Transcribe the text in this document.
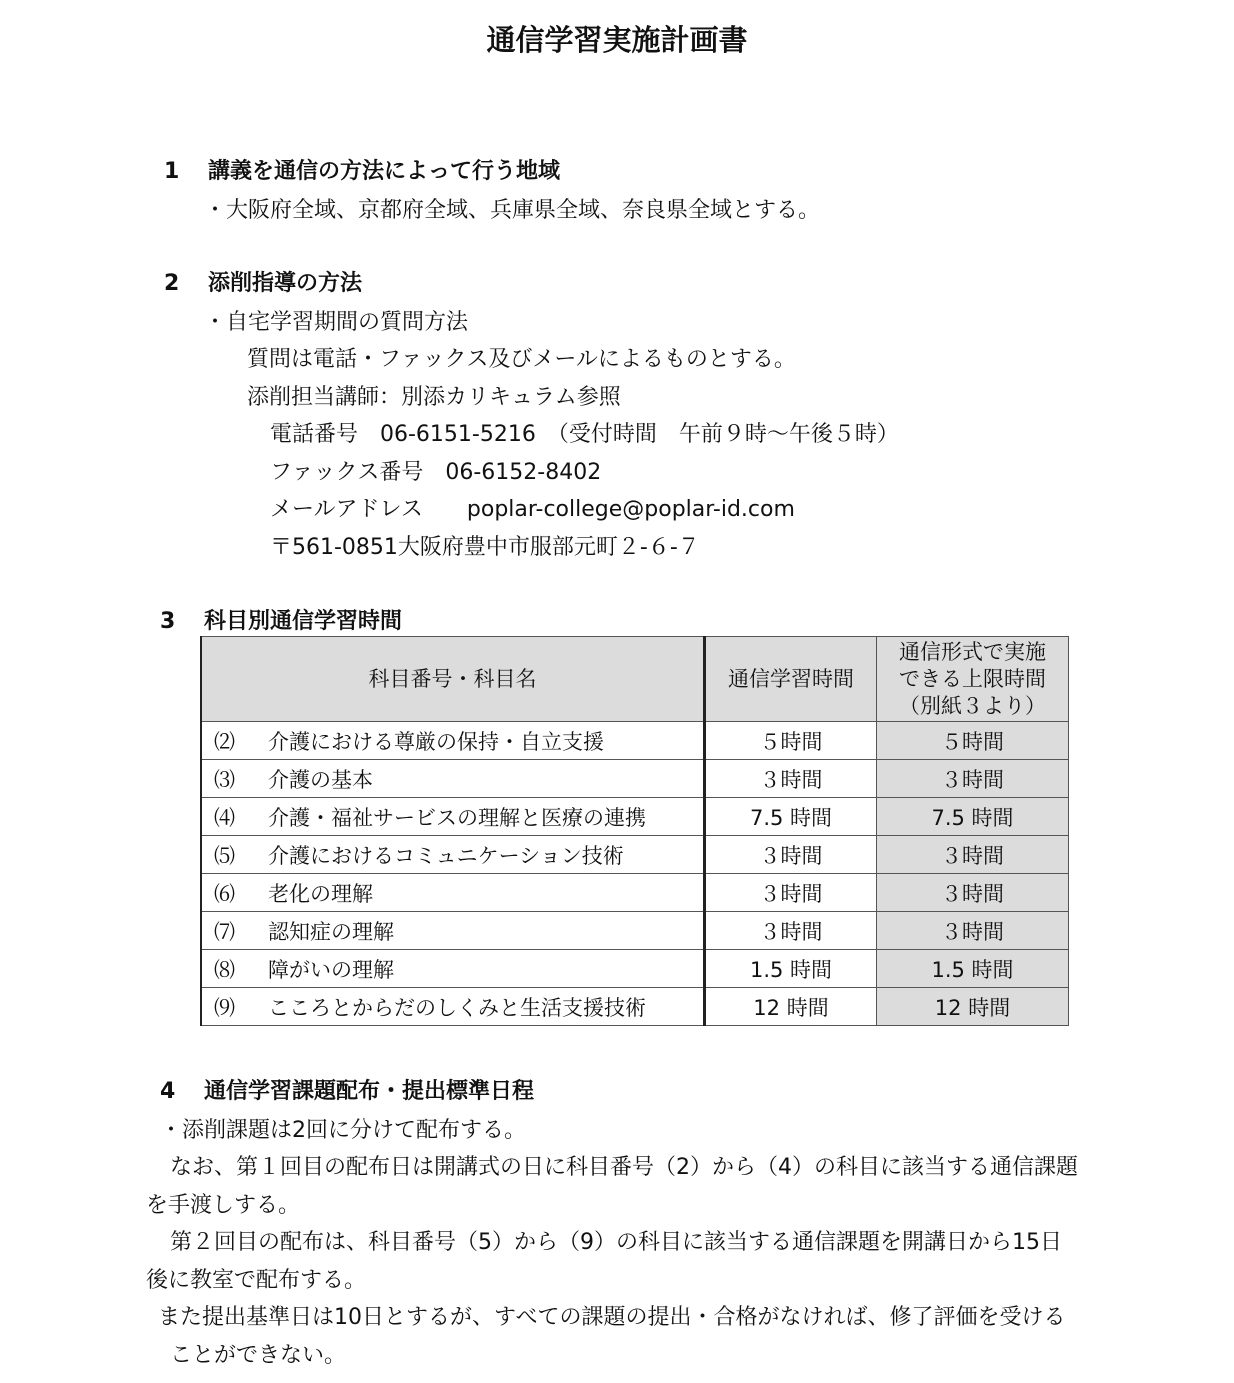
通信学習実施計画書
1 講義を通信の方法によって行う地域
・大阪府全域、京都府全域、兵庫県全域、奈良県全域とする。
2 添削指導の方法
・自宅学習期間の質問方法
質問は電話・ファックス及びメールによるものとする。
添削担当講師：別添カリキュラム参照
電話番号　06-6151-5216　（受付時間　午前９時～午後５時）
ファックス番号　06-6152-8402
メールアドレス　　poplar-college@poplar-id.com
〒561-0851大阪府豊中市服部元町２-６-７
3 科目別通信学習時間
科目番号・科目名	通信学習時間	通信形式で実施
できる上限時間
（別紙３より）

⑵ 介護における尊厳の保持・自立支援	５時間	５時間
⑶ 介護の基本	３時間	３時間
⑷ 介護・福祉サービスの理解と医療の連携	7.5 時間	7.5 時間
⑸ 介護におけるコミュニケーション技術	３時間	３時間
⑹ 老化の理解	３時間	３時間
⑺ 認知症の理解	３時間	３時間
⑻ 障がいの理解	1.5 時間	1.5 時間
⑼ こころとからだのしくみと生活支援技術	12 時間	12 時間
4 通信学習課題配布・提出標準日程
・添削課題は2回に分けて配布する。
なお、第１回目の配布日は開講式の日に科目番号（2）から（4）の科目に該当する通信課題
を手渡しする。
第２回目の配布は、科目番号（5）から（9）の科目に該当する通信課題を開講日から15日
後に教室で配布する。
また提出基準日は10日とするが、すべての課題の提出・合格がなければ、修了評価を受ける
ことができない。
